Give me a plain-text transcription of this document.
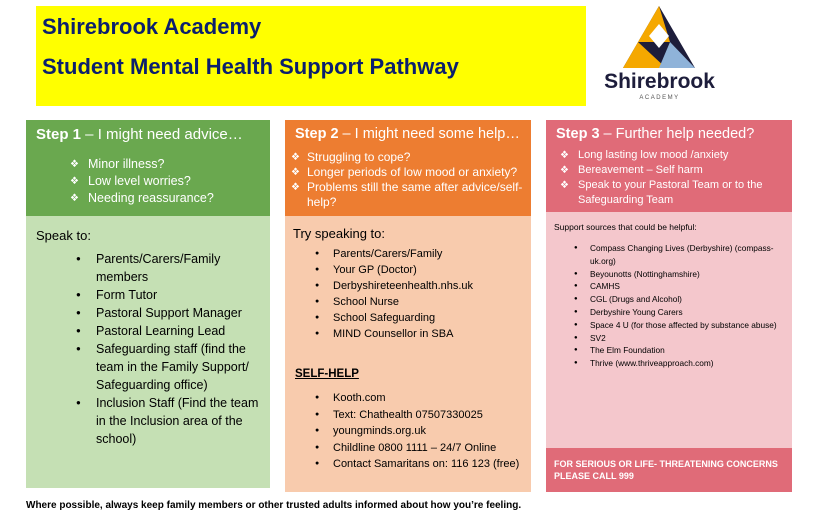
Shirebrook Academy
Student Mental Health Support Pathway
Shirebrook
ACADEMY
Step 1 – I might need advice…
❖ Minor illness?
❖ Low level worries?
❖ Needing reassurance?
Speak to:
● Parents/Carers/Family members
● Form Tutor
● Pastoral Support Manager
● Pastoral Learning Lead
● Safeguarding staff (find the team in the Family Support/ Safeguarding office)
● Inclusion Staff (Find the team in the Inclusion area of the school)
Step 2 – I might need some help…
❖ Struggling to cope?
❖ Longer periods of low mood or anxiety?
❖ Problems still the same after advice/self-help?
Try speaking to:
● Parents/Carers/Family
● Your GP (Doctor)
● Derbyshireteenhealth.nhs.uk
● School Nurse
● School Safeguarding
● MIND Counsellor in SBA
SELF-HELP
● Kooth.com
● Text: Chathealth 07507330025
● youngminds.org.uk
● Childline 0800 1111 – 24/7 Online
● Contact Samaritans on: 116 123 (free)
Step 3 – Further help needed?
❖ Long lasting low mood /anxiety
❖ Bereavement – Self harm
❖ Speak to your Pastoral Team or to the Safeguarding Team
Support sources that could be helpful:
● Compass Changing Lives (Derbyshire) (compass-uk.org)
● Beyounotts (Nottinghamshire)
● CAMHS
● CGL (Drugs and Alcohol)
● Derbyshire Young Carers
● Space 4 U (for those affected by substance abuse)
● SV2
● The Elm Foundation
● Thrive (www.thriveapproach.com)
FOR SERIOUS OR LIFE- THREATENING CONCERNS PLEASE CALL 999
Where possible, always keep family members or other trusted adults informed about how you’re feeling.
